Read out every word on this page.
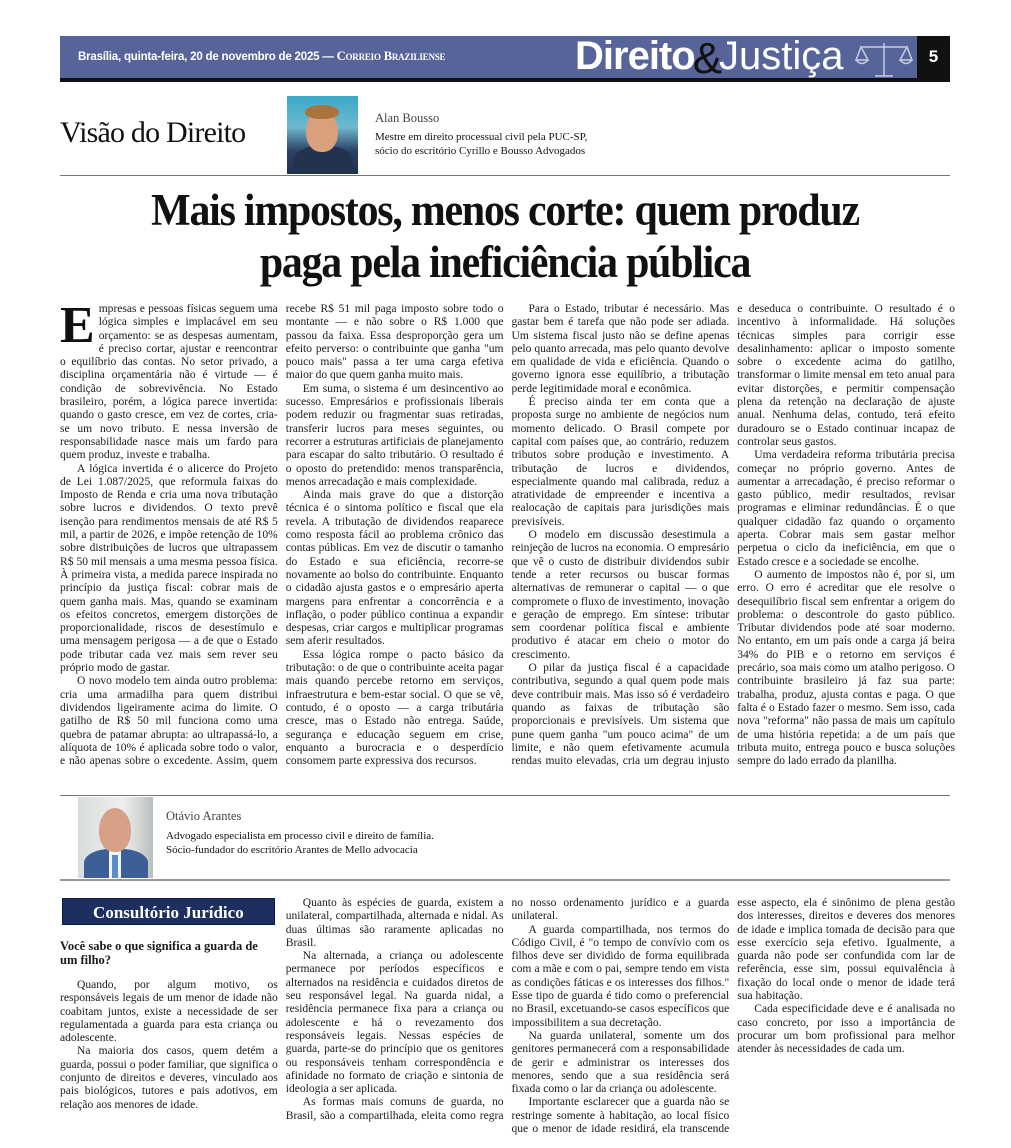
Brasília, quinta-feira, 20 de novembro de 2025 — Correio Braziliense	Direito&Justiça	5
Visão do Direito	Alan Bousso
Mestre em direito processual civil pela PUC-SP,
sócio do escritório Cyrillo e Bousso Advogados
Mais impostos, menos corte: quem produz
paga pela ineficiência pública

Empresas e pessoas físicas seguem uma lógica simples e implacável em seu orçamento: se as despesas aumentam, é preciso cortar, ajustar e reencontrar o equilíbrio das contas. No setor privado, a disciplina orçamentária não é virtude — é condição de sobrevivência. No Estado brasileiro, porém, a lógica parece invertida: quando o gasto cresce, em vez de cortes, cria-se um novo tributo. E nessa inversão de responsabilidade nasce mais um fardo para quem produz, investe e trabalha.

A lógica invertida é o alicerce do Projeto de Lei 1.087/2025, que reformula faixas do Imposto de Renda e cria uma nova tributação sobre lucros e dividendos. O texto prevê isenção para rendimentos mensais de até R$ 5 mil, a partir de 2026, e impõe retenção de 10% sobre distribuições de lucros que ultrapassem R$ 50 mil mensais a uma mesma pessoa física. À primeira vista, a medida parece inspirada no princípio da justiça fiscal: cobrar mais de quem ganha mais. Mas, quando se examinam os efeitos concretos, emergem distorções de proporcionalidade, riscos de desestímulo e uma mensagem perigosa — a de que o Estado pode tributar cada vez mais sem rever seu próprio modo de gastar.

O novo modelo tem ainda outro problema: cria uma armadilha para quem distribui dividendos ligeiramente acima do limite. O gatilho de R$ 50 mil funciona como uma quebra de patamar abrupta: ao ultrapassá-lo, a alíquota de 10% é aplicada sobre todo o valor, e não apenas sobre o excedente. Assim, quem recebe R$ 51 mil paga imposto sobre todo o montante — e não sobre o R$ 1.000 que passou da faixa. Essa desproporção gera um efeito perverso: o contribuinte que ganha "um pouco mais" passa a ter uma carga efetiva maior do que quem ganha muito mais.

Em suma, o sistema é um desincentivo ao sucesso. Empresários e profissionais liberais podem reduzir ou fragmentar suas retiradas, transferir lucros para meses seguintes, ou recorrer a estruturas artificiais de planejamento para escapar do salto tributário. O resultado é o oposto do pretendido: menos transparência, menos arrecadação e mais complexidade.

Ainda mais grave do que a distorção técnica é o sintoma político e fiscal que ela revela. A tributação de dividendos reaparece como resposta fácil ao problema crônico das contas públicas. Em vez de discutir o tamanho do Estado e sua eficiência, recorre-se novamente ao bolso do contribuinte. Enquanto o cidadão ajusta gastos e o empresário aperta margens para enfrentar a concorrência e a inflação, o poder público continua a expandir despesas, criar cargos e multiplicar programas sem aferir resultados.

Essa lógica rompe o pacto básico da tributação: o de que o contribuinte aceita pagar mais quando percebe retorno em serviços, infraestrutura e bem-estar social. O que se vê, contudo, é o oposto — a carga tributária cresce, mas o Estado não entrega. Saúde, segurança e educação seguem em crise, enquanto a burocracia e o desperdício consomem parte expressiva dos recursos.

Para o Estado, tributar é necessário. Mas gastar bem é tarefa que não pode ser adiada. Um sistema fiscal justo não se define apenas pelo quanto arrecada, mas pelo quanto devolve em qualidade de vida e eficiência. Quando o governo ignora esse equilíbrio, a tributação perde legitimidade moral e econômica.

É preciso ainda ter em conta que a proposta surge no ambiente de negócios num momento delicado. O Brasil compete por capital com países que, ao contrário, reduzem tributos sobre produção e investimento. A tributação de lucros e dividendos, especialmente quando mal calibrada, reduz a atratividade de empreender e incentiva a realocação de capitais para jurisdições mais previsíveis.

O modelo em discussão desestimula a reinjeção de lucros na economia. O empresário que vê o custo de distribuir dividendos subir tende a reter recursos ou buscar formas alternativas de remunerar o capital — o que compromete o fluxo de investimento, inovação e geração de emprego. Em síntese: tributar sem coordenar política fiscal e ambiente produtivo é atacar em cheio o motor do crescimento.

O pilar da justiça fiscal é a capacidade contributiva, segundo a qual quem pode mais deve contribuir mais. Mas isso só é verdadeiro quando as faixas de tributação são proporcionais e previsíveis. Um sistema que pune quem ganha "um pouco acima" de um limite, e não quem efetivamente acumula rendas muito elevadas, cria um degrau injusto e deseduca o contribuinte. O resultado é o incentivo à informalidade. Há soluções técnicas simples para corrigir esse desalinhamento: aplicar o imposto somente sobre o excedente acima do gatilho, transformar o limite mensal em teto anual para evitar distorções, e permitir compensação plena da retenção na declaração de ajuste anual. Nenhuma delas, contudo, terá efeito duradouro se o Estado continuar incapaz de controlar seus gastos.

Uma verdadeira reforma tributária precisa começar no próprio governo. Antes de aumentar a arrecadação, é preciso reformar o gasto público, medir resultados, revisar programas e eliminar redundâncias. É o que qualquer cidadão faz quando o orçamento aperta. Cobrar mais sem gastar melhor perpetua o ciclo da ineficiência, em que o Estado cresce e a sociedade se encolhe.

O aumento de impostos não é, por si, um erro. O erro é acreditar que ele resolve o desequilíbrio fiscal sem enfrentar a origem do problema: o descontrole do gasto público. Tributar dividendos pode até soar moderno. No entanto, em um país onde a carga já beira 34% do PIB e o retorno em serviços é precário, soa mais como um atalho perigoso. O contribuinte brasileiro já faz sua parte: trabalha, produz, ajusta contas e paga. O que falta é o Estado fazer o mesmo. Sem isso, cada nova "reforma" não passa de mais um capítulo de uma história repetida: a de um país que tributa muito, entrega pouco e busca soluções sempre do lado errado da planilha.

Otávio Arantes
Advogado especialista em processo civil e direito de família.
Sócio-fundador do escritório Arantes de Mello advocacia
Consultório Jurídico
Você sabe o que significa a guarda de um filho?

Quando, por algum motivo, os responsáveis legais de um menor de idade não coabitam juntos, existe a necessidade de ser regulamentada a guarda para esta criança ou adolescente.

Na maioria dos casos, quem detém a guarda, possui o poder familiar, que significa o conjunto de direitos e deveres, vinculado aos pais biológicos, tutores e pais adotivos, em relação aos menores de idade.

Quanto às espécies de guarda, existem a unilateral, compartilhada, alternada e nidal. As duas últimas são raramente aplicadas no Brasil.

Na alternada, a criança ou adolescente permanece por períodos específicos e alternados na residência e cuidados diretos de seu responsável legal. Na guarda nidal, a residência permanece fixa para a criança ou adolescente e há o revezamento dos responsáveis legais. Nessas espécies de guarda, parte-se do princípio que os genitores ou responsáveis tenham correspondência e afinidade no formato de criação e sintonia de ideologia a ser aplicada.

As formas mais comuns de guarda, no Brasil, são a compartilhada, eleita como regra no nosso ordenamento jurídico e a guarda unilateral.

A guarda compartilhada, nos termos do Código Civil, é "o tempo de convívio com os filhos deve ser dividido de forma equilibrada com a mãe e com o pai, sempre tendo em vista as condições fáticas e os interesses dos filhos." Esse tipo de guarda é tido como o preferencial no Brasil, excetuando-se casos específicos que impossibilitem a sua decretação.

Na guarda unilateral, somente um dos genitores permanecerá com a responsabilidade de gerir e administrar os interesses dos menores, sendo que a sua residência será fixada como o lar da criança ou adolescente.

Importante esclarecer que a guarda não se restringe somente à habitação, ao local físico que o menor de idade residirá, ela transcende esse aspecto, ela é sinônimo de plena gestão dos interesses, direitos e deveres dos menores de idade e implica tomada de decisão para que esse exercício seja efetivo. Igualmente, a guarda não pode ser confundida com lar de referência, esse sim, possui equivalência à fixação do local onde o menor de idade terá sua habitação.

Cada especificidade deve e é analisada no caso concreto, por isso a importância de procurar um bom profissional para melhor atender às necessidades de cada um.
